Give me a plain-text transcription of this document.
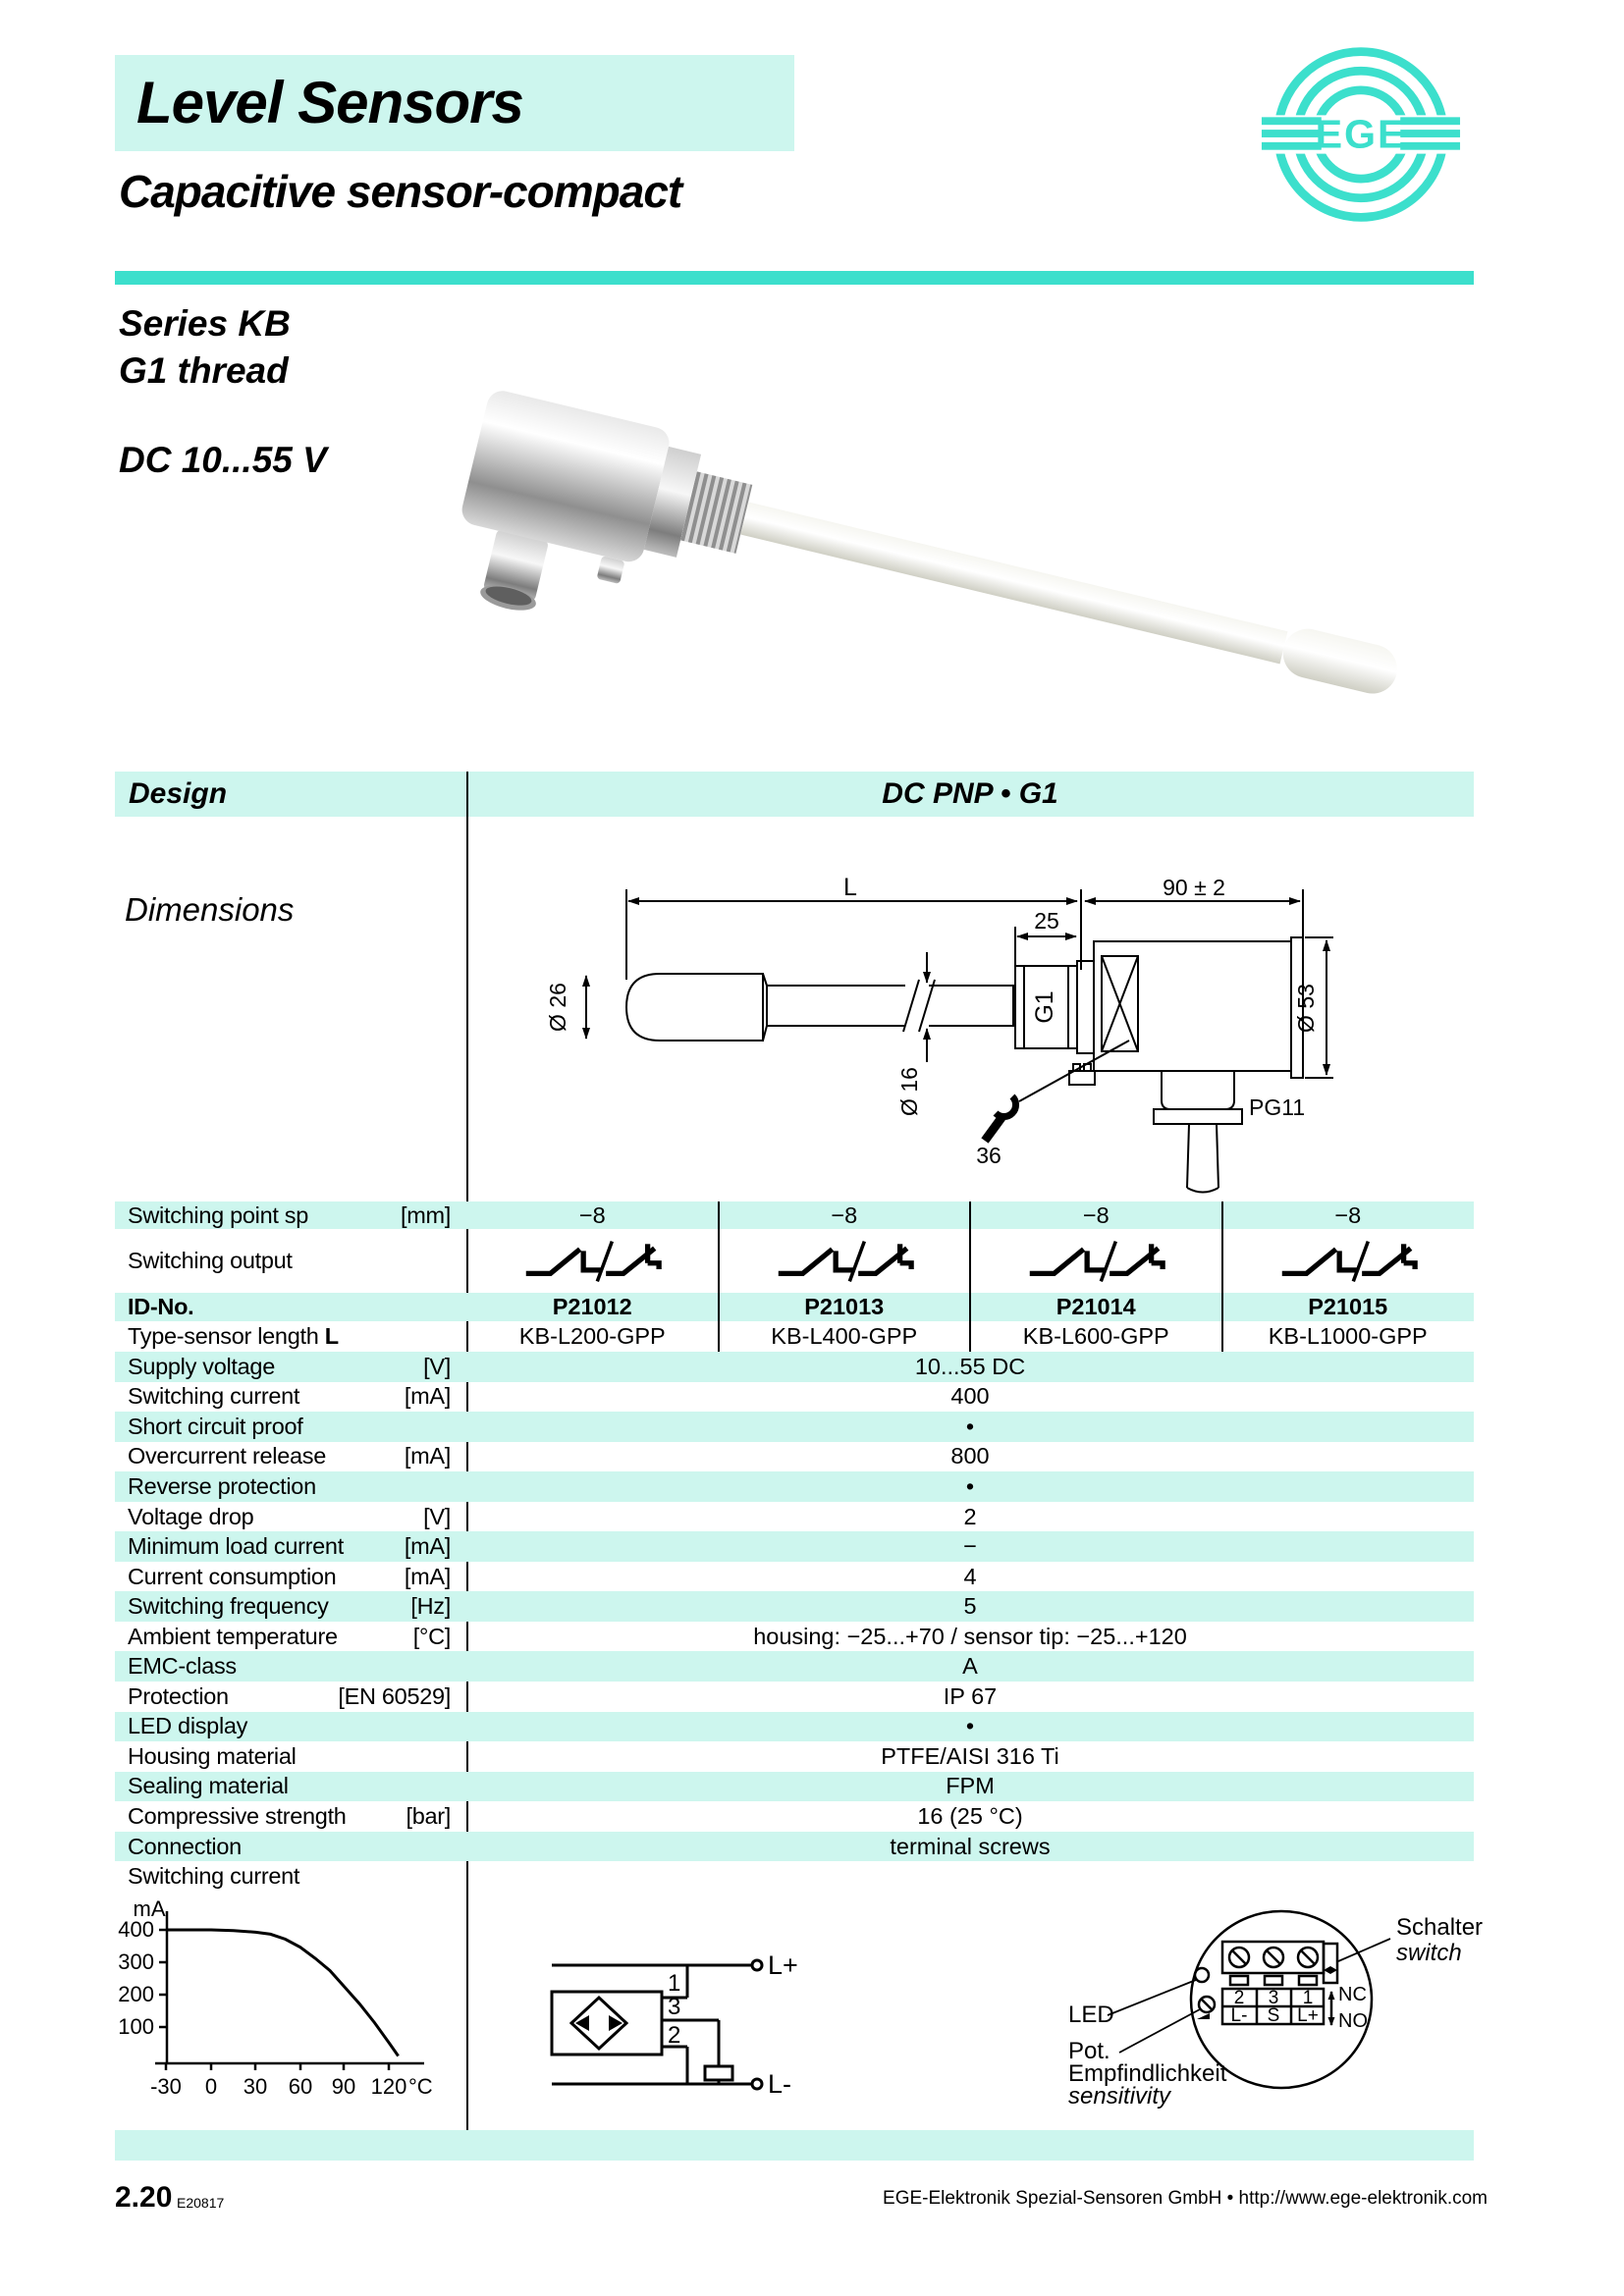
Level Sensors
Capacitive sensor-compact
EGE
Series KB
G1 thread
DC 10...55 V
Design	DC PNP • G1
Dimensions
L	90 ± 2
25
Ø 26
Ø 16
G1	Ø 53
PG11
36
Switching point sp	[mm]	−8	−8	−8	−8
Switching output
ID-No.	P21012	P21013	P21014	P21015
Type-sensor length L	KB-L200-GPP	KB-L400-GPP	KB-L600-GPP	KB-L1000-GPP
Supply voltage	[V]	10...55 DC
Switching current	[mA]	400
Short circuit proof	•
Overcurrent release	[mA]	800
Reverse protection	•
Voltage drop	[V]	2
Minimum load current	[mA]	−
Current consumption	[mA]	4
Switching frequency	[Hz]	5
Ambient temperature	[°C]	housing: −25...+70 / sensor tip: −25...+120
EMC-class	A
Protection	[EN 60529]	IP 67
LED display	•
Housing material	PTFE/AISI 316 Ti
Sealing material	FPM
Compressive strength	[bar]	16 (25 °C)
Connection	terminal screws
Switching current
mA
400
300
200
100
-30 0 30 60 90 120 °C
1
3
2
L+
L-
2 3 1
L- S L+
NC
NO
LED
Pot.
Empfindlichkeit
sensitivity
Schalter
switch
2.20 E20817	EGE-Elektronik Spezial-Sensoren GmbH • http://www.ege-elektronik.com
